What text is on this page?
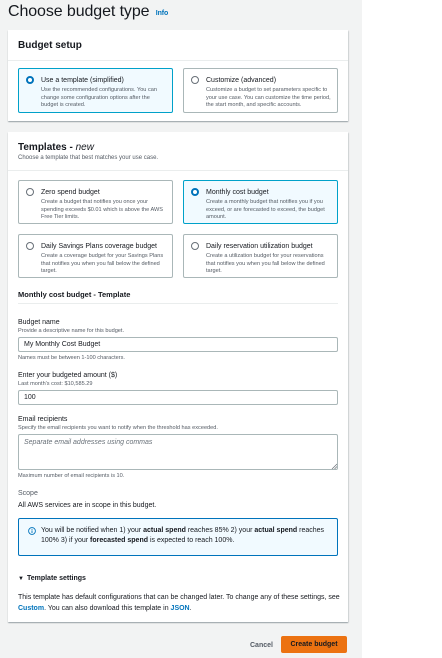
Choose budget type Info
Budget setup
Use a template (simplified)
Use the recommended configurations. You can change some configuration options after the budget is created.
Customize (advanced)
Customize a budget to set parameters specific to your use case. You can customize the time period, the start month, and specific accounts.
Templates - new
Choose a template that best matches your use case.
Zero spend budget
Create a budget that notifies you once your spending exceeds $0.01 which is above the AWS Free Tier limits.
Monthly cost budget
Create a monthly budget that notifies you if you exceed, or are forecasted to exceed, the budget amount.
Daily Savings Plans coverage budget
Create a coverage budget for your Savings Plans that notifies you when you fall below the defined target.
Daily reservation utilization budget
Create a utilization budget for your reservations that notifies you when you fall below the defined target.
Monthly cost budget - Template
Budget name
Provide a descriptive name for this budget.
My Monthly Cost Budget
Names must be between 1-100 characters.
Enter your budgeted amount ($)
Last month's cost: $10,585.29
100
Email recipients
Specify the email recipients you want to notify when the threshold has exceeded.
Separate email addresses using commas
Maximum number of email recipients is 10.
Scope
All AWS services are in scope in this budget.
You will be notified when 1) your actual spend reaches 85% 2) your actual spend reaches 100% 3) if your forecasted spend is expected to reach 100%.
▼ Template settings
This template has default configurations that can be changed later. To change any of these settings, see Custom. You can also download this template in JSON.
Cancel	Create budget
